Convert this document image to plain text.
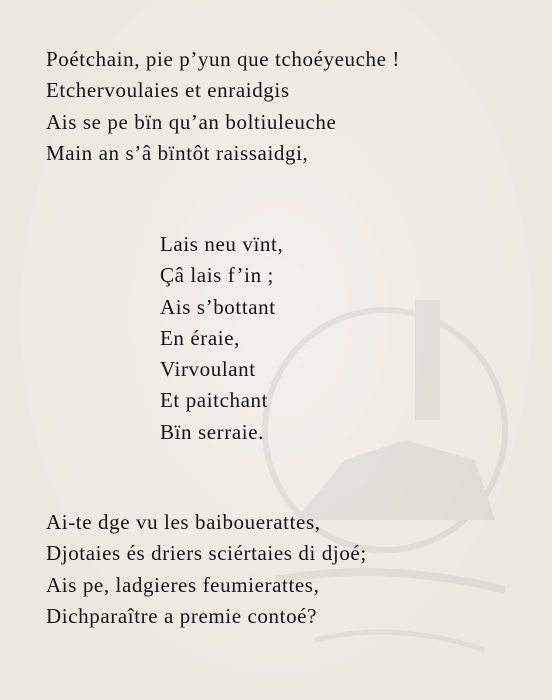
Poétchain, pie p’yun que tchoéyeuche !
Etchervoulaies et enraidgis
Ais se pe bïn qu’an boltiuleuche
Main an s’â bïntôt raissaidgi,
Lais neu vïnt,
Çâ lais f’in ;
Ais s’bottant
En éraie,
Virvoulant
Et paitchant
Bïn serraie.
Ai-te dge vu les baibouerattes,
Djotaies és driers sciértaies di djoé;
Ais pe, ladgieres feumierattes,
Dichparaître a premie contoé?
